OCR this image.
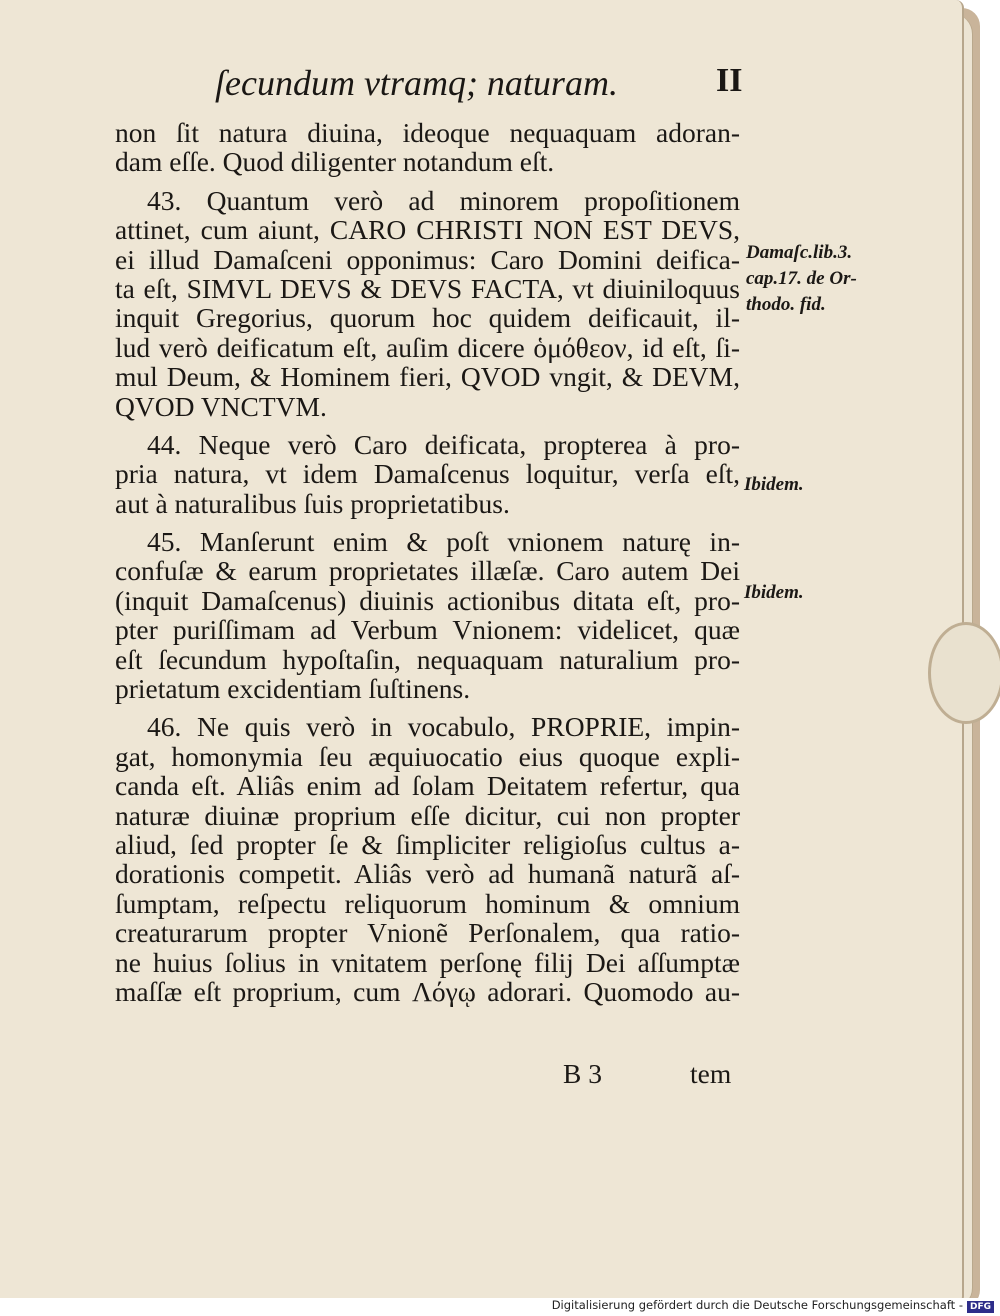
ſecundum vtramq; naturam.	II
non ſit natura diuina, ideoque nequaquam adoran-
dam eſſe. Quod diligenter notandum eſt.
43. Quantum verò ad minorem propoſitionem
attinet, cum aiunt, CARO CHRISTI NON EST DEVS,
ei illud Damaſceni opponimus: Caro Domini deifica-
ta eſt, SIMVL DEVS & DEVS FACTA, vt diuiniloquus
inquit Gregorius, quorum hoc quidem deificauit, il-
lud verò deificatum eſt, auſim dicere ὁμόθεον, id eſt, ſi-
mul Deum, & Hominem fieri, QVOD vngit, & DEVM,
QVOD VNCTVM.
44. Neque verò Caro deificata, propterea à pro-
pria natura, vt idem Damaſcenus loquitur, verſa eſt,
aut à naturalibus ſuis proprietatibus.
45. Manſerunt enim & poſt vnionem naturę in-
confuſæ & earum proprietates illæſæ. Caro autem Dei
(inquit Damaſcenus) diuinis actionibus ditata eſt, pro-
pter puriſſimam ad Verbum Vnionem: videlicet, quæ
eſt ſecundum hypoſtaſin, nequaquam naturalium pro-
prietatum excidentiam ſuſtinens.
46. Ne quis verò in vocabulo, PROPRIE, impin-
gat, homonymia ſeu æquiuocatio eius quoque expli-
canda eſt. Aliâs enim ad ſolam Deitatem refertur, qua
naturæ diuinæ proprium eſſe dicitur, cui non propter
aliud, ſed propter ſe & ſimpliciter religioſus cultus a-
dorationis competit. Aliâs verò ad humanã naturã aſ-
ſumptam, reſpectu reliquorum hominum & omnium
creaturarum propter Vnionẽ Perſonalem, qua ratio-
ne huius ſolius in vnitatem perſonę filij Dei aſſumptæ
maſſæ eſt proprium, cum Λόγῳ adorari. Quomodo au-
Damaſc.lib.3.
cap.17. de Or-
thodo. fid.
Ibidem.
Ibidem.
B 3	tem
Digitalisierung gefördert durch die Deutsche Forschungsgemeinschaft - DFG
